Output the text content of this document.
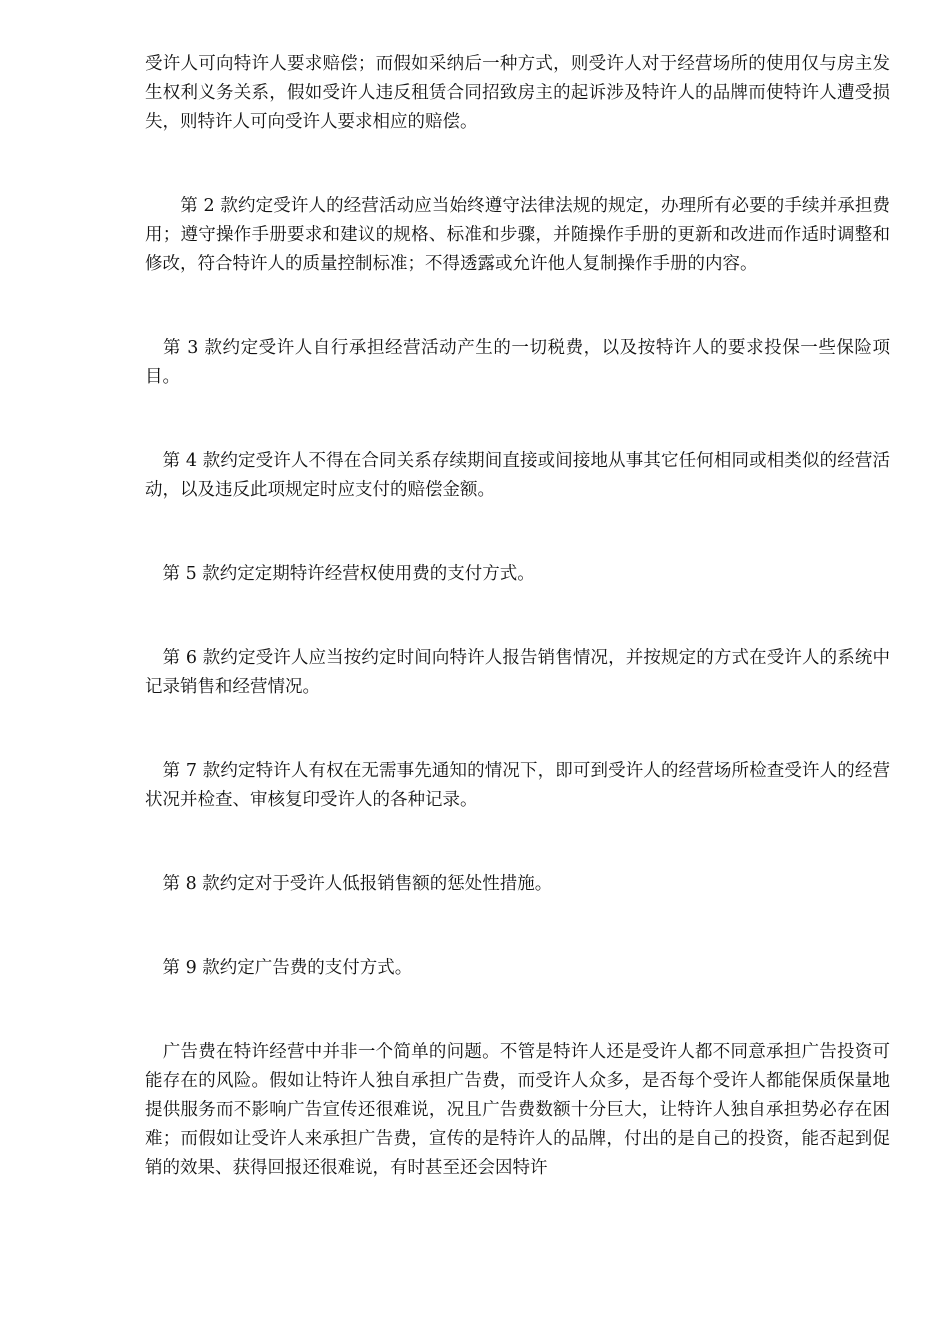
受许人可向特许人要求赔偿；而假如采纳后一种方式，则受许人对于经营场所的使用仅与房主发生权利义务关系，假如受许人违反租赁合同招致房主的起诉涉及特许人的品牌而使特许人遭受损失，则特许人可向受许人要求相应的赔偿。

　　第 2 款约定受许人的经营活动应当始终遵守法律法规的规定，办理所有必要的手续并承担费用；遵守操作手册要求和建议的规格、标准和步骤，并随操作手册的更新和改进而作适时调整和修改，符合特许人的质量控制标准；不得透露或允许他人复制操作手册的内容。

　第 3 款约定受许人自行承担经营活动产生的一切税费，以及按特许人的要求投保一些保险项目。

　第 4 款约定受许人不得在合同关系存续期间直接或间接地从事其它任何相同或相类似的经营活动，以及违反此项规定时应支付的赔偿金额。

　第 5 款约定定期特许经营权使用费的支付方式。

　第 6 款约定受许人应当按约定时间向特许人报告销售情况，并按规定的方式在受许人的系统中记录销售和经营情况。

　第 7 款约定特许人有权在无需事先通知的情况下，即可到受许人的经营场所检查受许人的经营状况并检查、审核复印受许人的各种记录。

　第 8 款约定对于受许人低报销售额的惩处性措施。

　第 9 款约定广告费的支付方式。

　广告费在特许经营中并非一个简单的问题。不管是特许人还是受许人都不同意承担广告投资可能存在的风险。假如让特许人独自承担广告费，而受许人众多，是否每个受许人都能保质保量地提供服务而不影响广告宣传还很难说，况且广告费数额十分巨大，让特许人独自承担势必存在困难；而假如让受许人来承担广告费，宣传的是特许人的品牌，付出的是自己的投资，能否起到促销的效果、获得回报还很难说，有时甚至还会因特许
